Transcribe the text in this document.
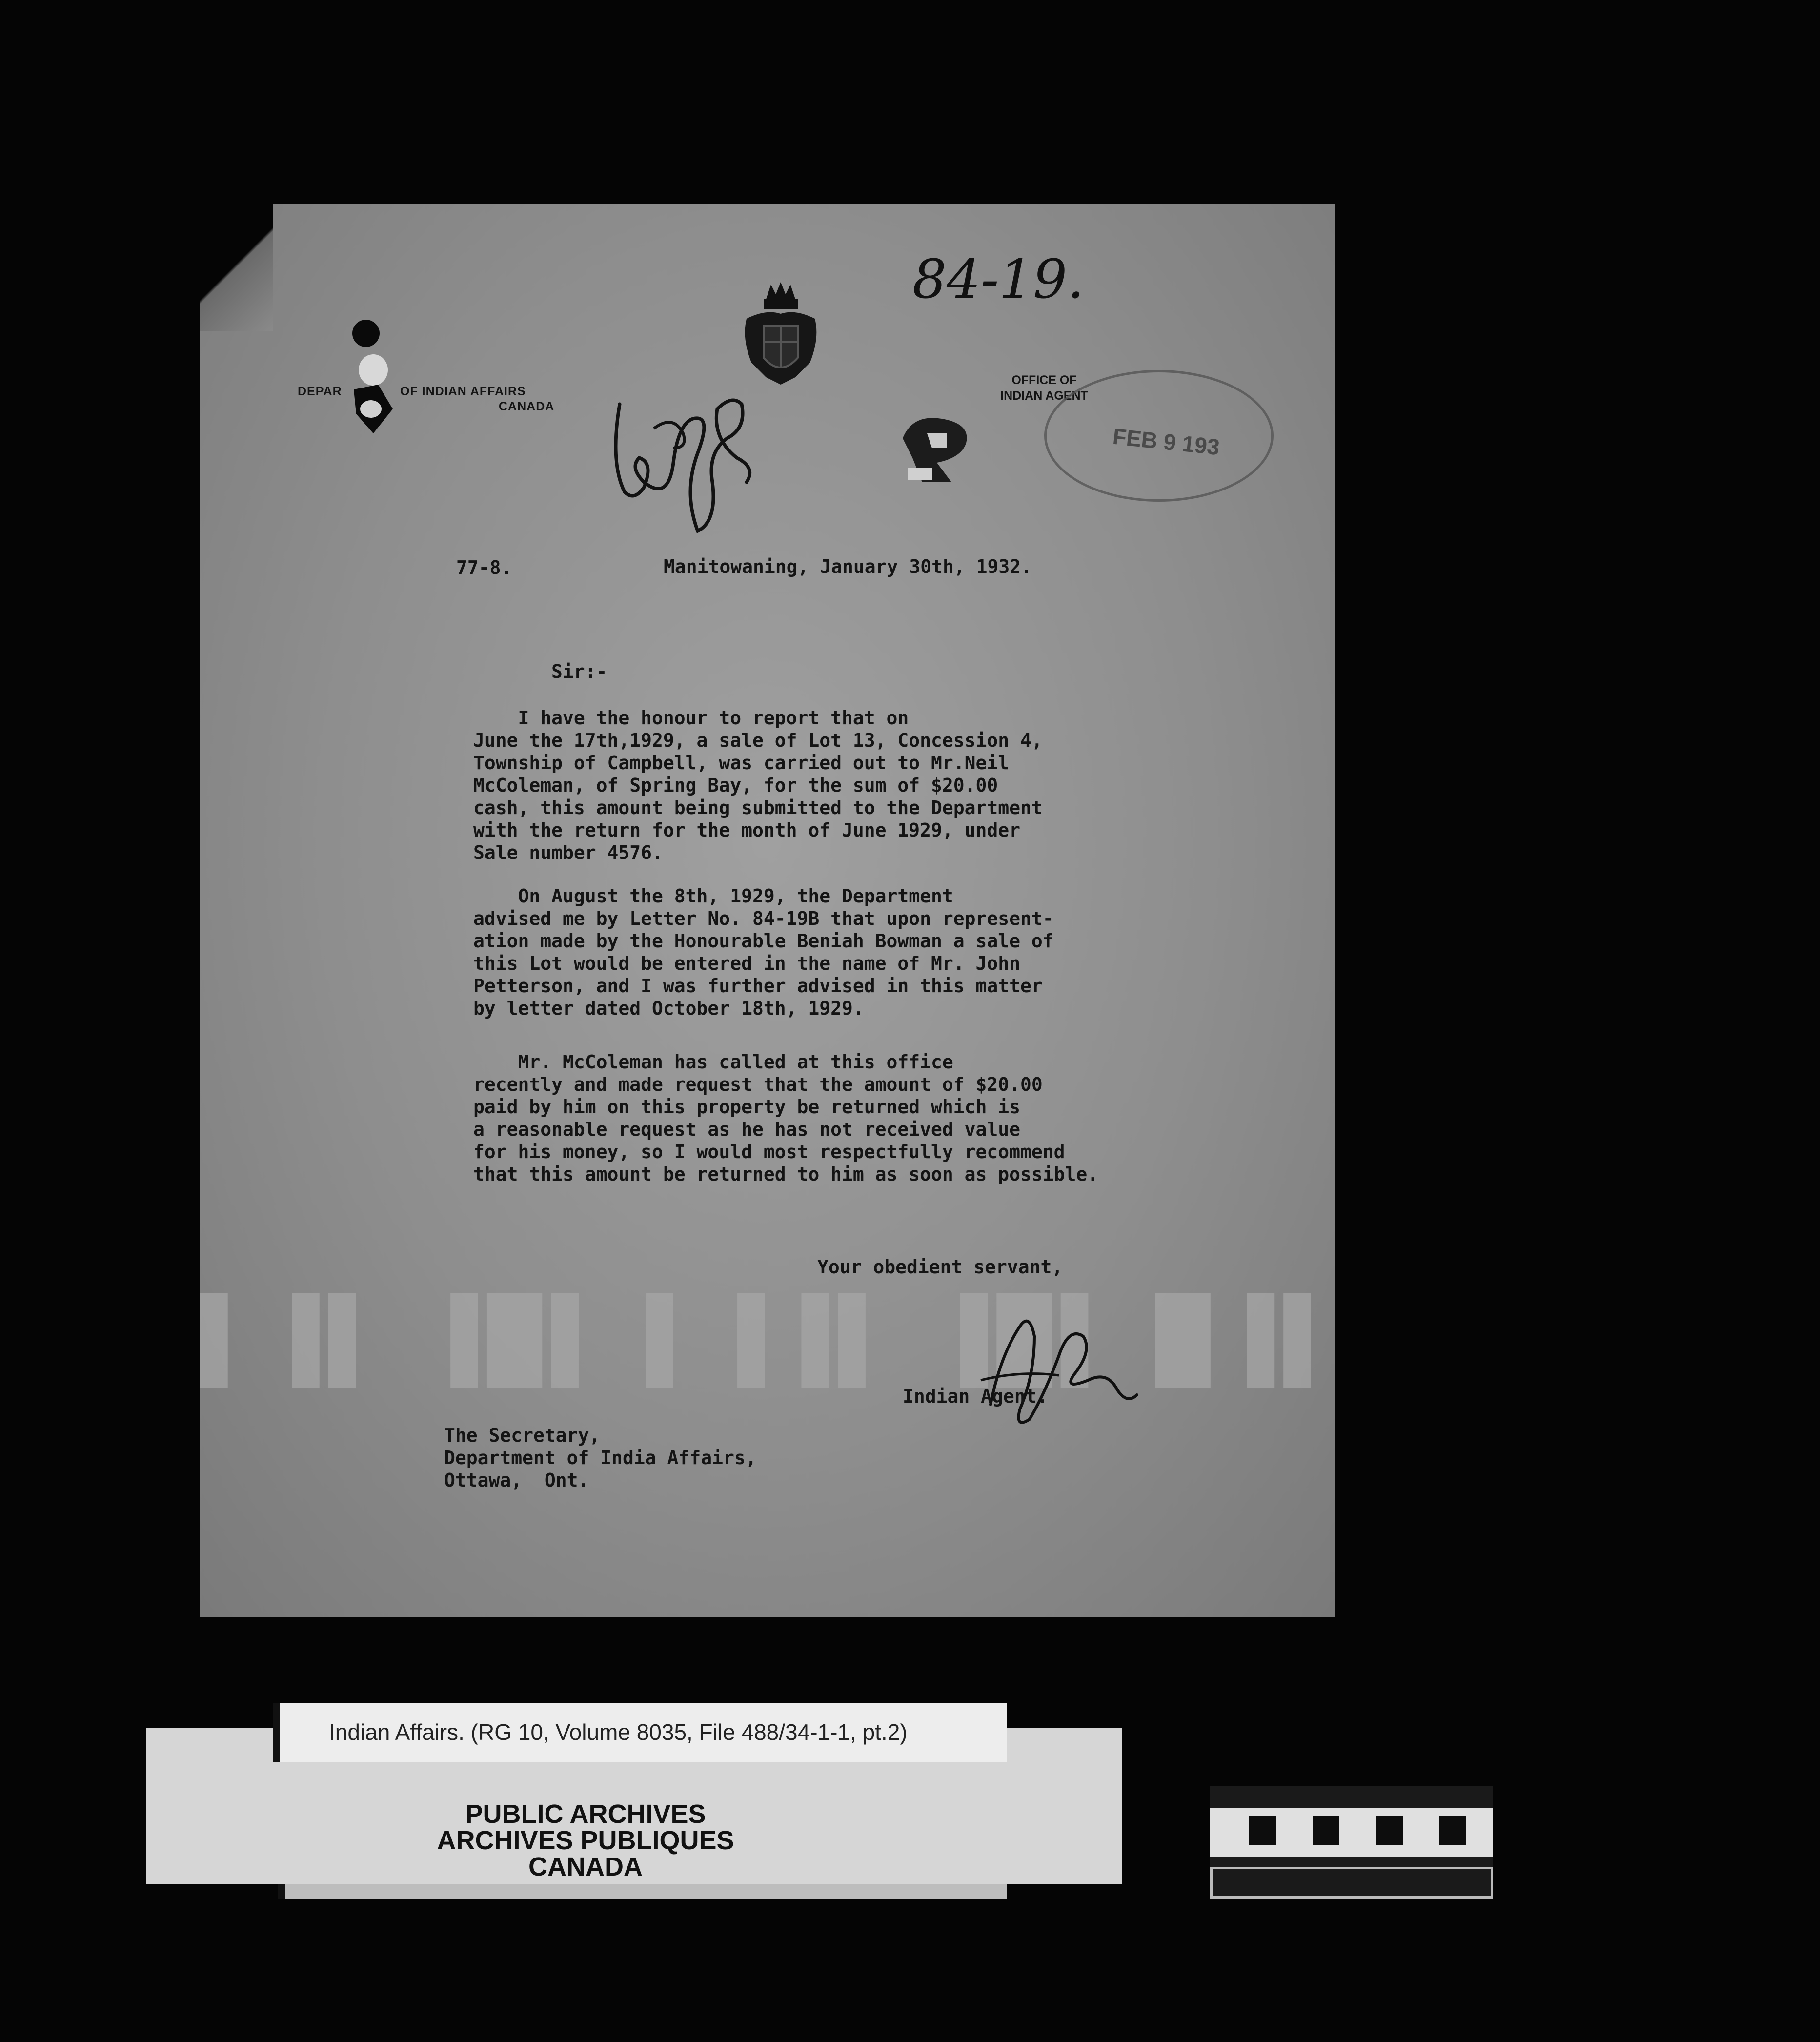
84-19.
DEPAR	OF INDIAN AFFAIRS
CANADA
OFFICE OF
INDIAN AGENT
FEB 9 193
▌▐▌ ▐█▌ ▌▐▐▌ ▐█▌ █▐▌
77-8.	Manitowaning, January 30th, 1932.
Sir:-
I have the honour to report that on
June the 17th,1929, a sale of Lot 13, Concession 4,
Township of Campbell, was carried out to Mr.Neil
McColeman, of Spring Bay, for the sum of $20.00
cash, this amount being submitted to the Department
with the return for the month of June 1929, under
Sale number 4576.
On August the 8th, 1929, the Department
advised me by Letter No. 84-19B that upon represent-
ation made by the Honourable Beniah Bowman a sale of
this Lot would be entered in the name of Mr. John
Petterson, and I was further advised in this matter
by letter dated October 18th, 1929.
Mr. McColeman has called at this office
recently and made request that the amount of $20.00
paid by him on this property be returned which is
a reasonable request as he has not received value
for his money, so I would most respectfully recommend
that this amount be returned to him as soon as possible.
Your obedient servant,
Indian Agent.
The Secretary,
Department of India Affairs,
Ottawa,  Ont.
PUBLIC ARCHIVES
ARCHIVES PUBLIQUES
CANADA
Indian Affairs. (RG 10, Volume 8035, File 488/34-1-1, pt.2)
